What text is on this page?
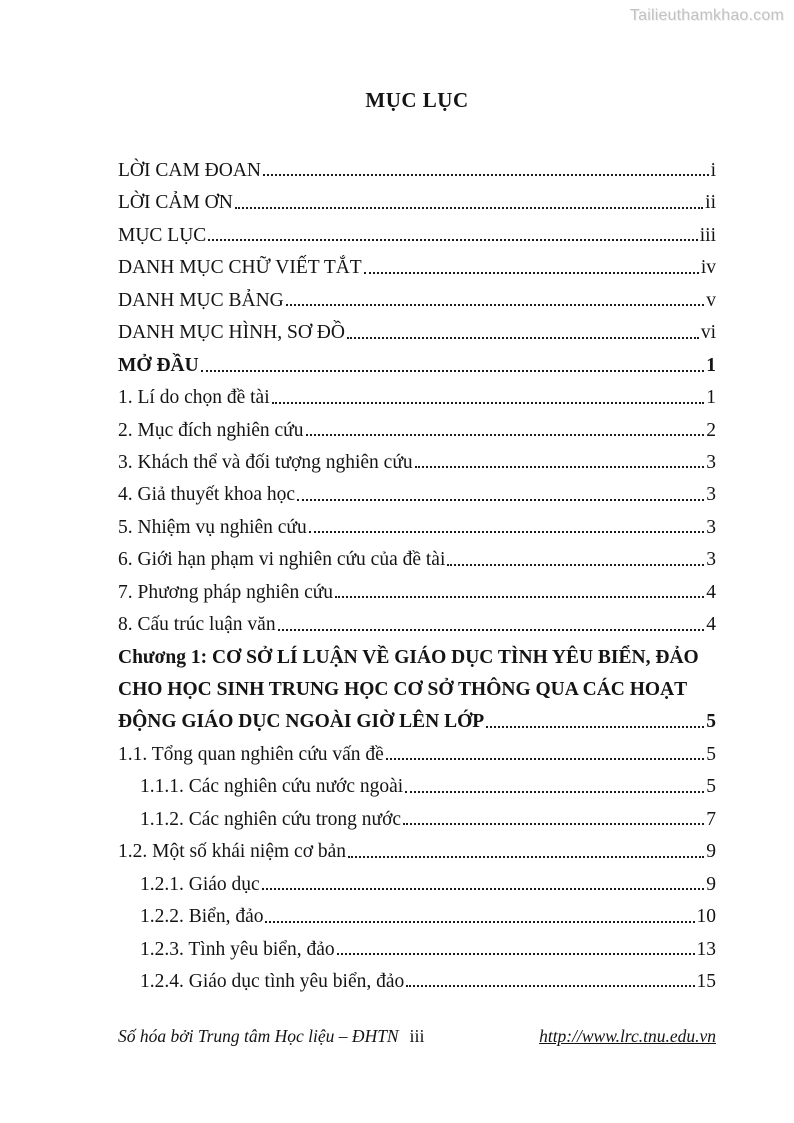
Tailieuthamkhao.com
MỤC LỤC
LỜI CAM ĐOAN	i
LỜI CẢM ƠN	ii
MỤC LỤC	iii
DANH MỤC CHỮ VIẾT TẮT	iv
DANH MỤC BẢNG	v
DANH MỤC HÌNH, SƠ ĐỒ	vi
MỞ ĐẦU	1
1. Lí do chọn đề tài	1
2. Mục đích nghiên cứu	2
3. Khách thể và đối tượng nghiên cứu	3
4. Giả thuyết khoa học	3
5. Nhiệm vụ nghiên cứu	3
6. Giới hạn phạm vi nghiên cứu của đề tài	3
7. Phương pháp nghiên cứu	4
8. Cấu trúc luận văn	4
Chương 1: CƠ SỞ LÍ LUẬN VỀ GIÁO DỤC TÌNH YÊU BIỂN, ĐẢO
CHO HỌC SINH TRUNG HỌC CƠ SỞ THÔNG QUA CÁC HOẠT
ĐỘNG GIÁO DỤC NGOÀI GIỜ LÊN LỚP	5
1.1. Tổng quan nghiên cứu vấn đề	5
1.1.1. Các nghiên cứu nước ngoài	5
1.1.2. Các nghiên cứu trong nước	7
1.2. Một số khái niệm cơ bản	9
1.2.1. Giáo dục	9
1.2.2. Biển, đảo	10
1.2.3. Tình yêu biển, đảo	13
1.2.4. Giáo dục tình yêu biển, đảo	15
Số hóa bởi Trung tâm Học liệu – ĐHTN iii	http://www.lrc.tnu.edu.vn
